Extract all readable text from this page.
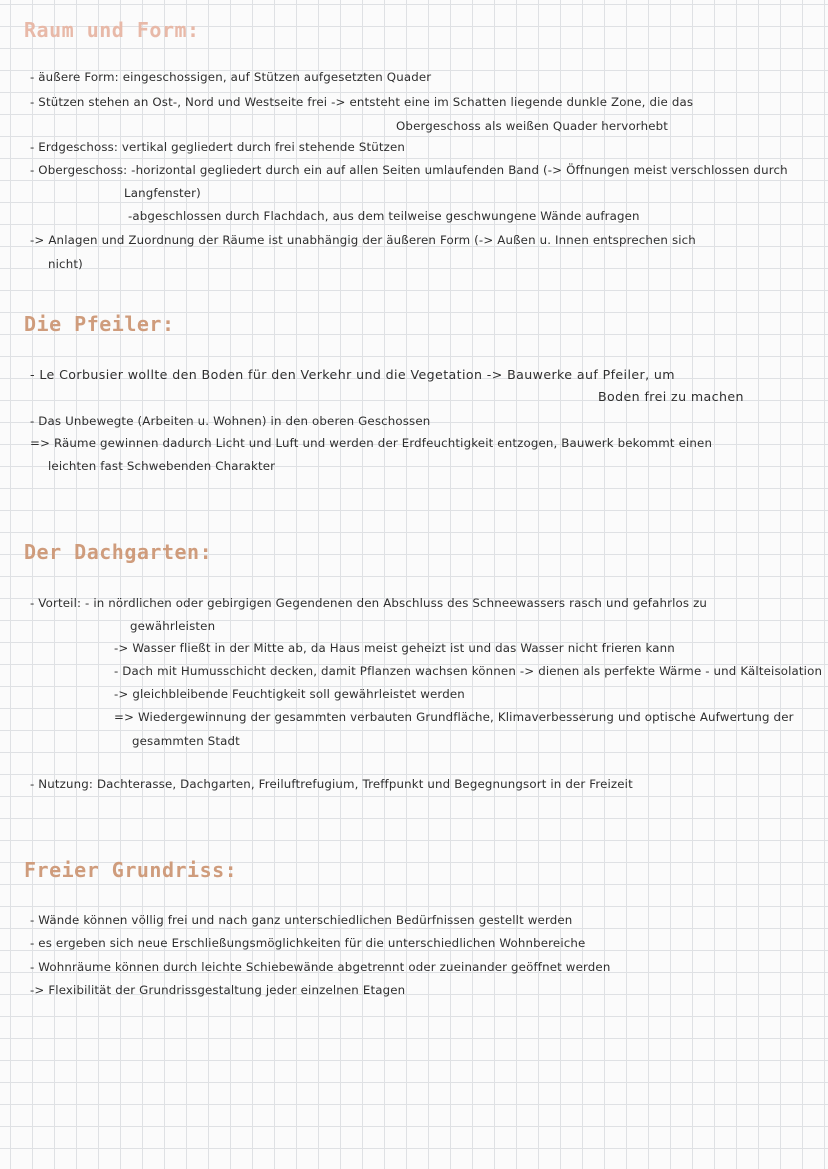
Raum und Form:

- äußere Form: eingeschossigen, auf Stützen aufgesetzten Quader

- Stützen stehen an Ost-, Nord und Westseite frei -> entsteht eine im Schatten liegende dunkle Zone, die das

Obergeschoss als weißen Quader hervorhebt

- Erdgeschoss: vertikal gegliedert durch frei stehende Stützen

- Obergeschoss: -horizontal gegliedert durch ein auf allen Seiten umlaufenden Band (-> Öffnungen meist verschlossen durch

Langfenster)

-abgeschlossen durch Flachdach, aus dem teilweise geschwungene Wände aufragen

-> Anlagen und Zuordnung der Räume ist unabhängig der äußeren Form (-> Außen u. Innen entsprechen sich

nicht)

Die Pfeiler:

- Le Corbusier wollte den Boden für den Verkehr und die Vegetation -> Bauwerke auf Pfeiler, um

Boden frei zu machen

- Das Unbewegte (Arbeiten u. Wohnen) in den oberen Geschossen

=> Räume gewinnen dadurch Licht und Luft und werden der Erdfeuchtigkeit entzogen, Bauwerk bekommt einen

leichten fast Schwebenden Charakter

Der Dachgarten:

- Vorteil: - in nördlichen oder gebirgigen Gegendenen den Abschluss des Schneewassers rasch und gefahrlos zu

gewährleisten

-> Wasser fließt in der Mitte ab, da Haus meist geheizt ist und das Wasser nicht frieren kann

- Dach mit Humusschicht decken, damit Pflanzen wachsen können -> dienen als perfekte Wärme - und Kälteisolation

-> gleichbleibende Feuchtigkeit soll gewährleistet werden

=> Wiedergewinnung der gesammten verbauten Grundfläche, Klimaverbesserung und optische Aufwertung der

gesammten Stadt

- Nutzung: Dachterasse, Dachgarten, Freiluftrefugium, Treffpunkt und Begegnungsort in der Freizeit

Freier Grundriss:

- Wände können völlig frei und nach ganz unterschiedlichen Bedürfnissen gestellt werden

- es ergeben sich neue Erschließungsmöglichkeiten für die unterschiedlichen Wohnbereiche

- Wohnräume können durch leichte Schiebewände abgetrennt oder zueinander geöffnet werden

-> Flexibilität der Grundrissgestaltung jeder einzelnen Etagen
